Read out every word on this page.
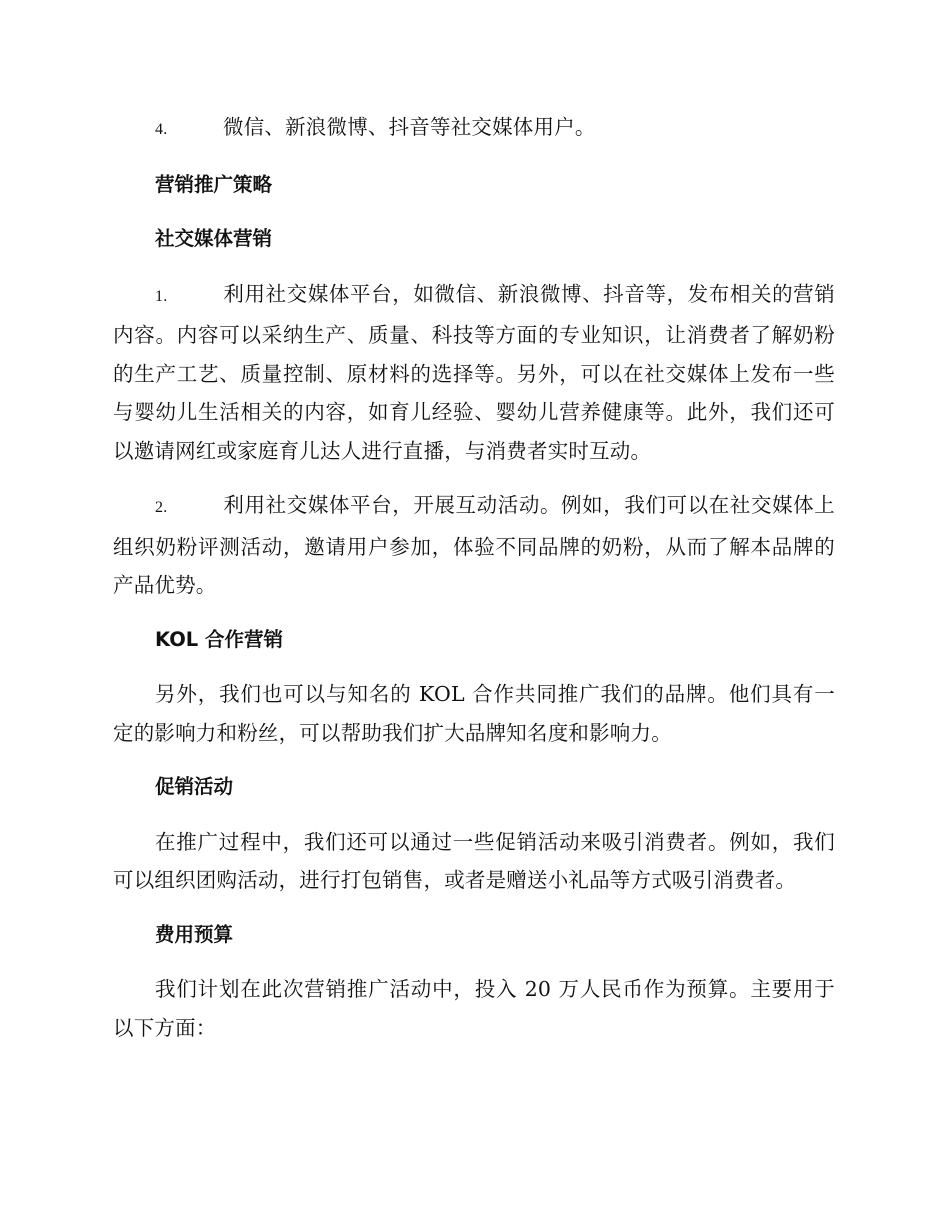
4.	微信、新浪微博、抖音等社交媒体用户。

营销推广策略

社交媒体营销

1.	利用社交媒体平台，如微信、新浪微博、抖音等，发布相关的营销内容。内容可以采纳生产、质量、科技等方面的专业知识，让消费者了解奶粉的生产工艺、质量控制、原材料的选择等。另外，可以在社交媒体上发布一些与婴幼儿生活相关的内容，如育儿经验、婴幼儿营养健康等。此外，我们还可以邀请网红或家庭育儿达人进行直播，与消费者实时互动。

2.	利用社交媒体平台，开展互动活动。例如，我们可以在社交媒体上组织奶粉评测活动，邀请用户参加，体验不同品牌的奶粉，从而了解本品牌的产品优势。

KOL 合作营销

另外，我们也可以与知名的 KOL 合作共同推广我们的品牌。他们具有一定的影响力和粉丝，可以帮助我们扩大品牌知名度和影响力。

促销活动

在推广过程中，我们还可以通过一些促销活动来吸引消费者。例如，我们可以组织团购活动，进行打包销售，或者是赠送小礼品等方式吸引消费者。

费用预算

我们计划在此次营销推广活动中，投入 20 万人民币作为预算。主要用于以下方面：
